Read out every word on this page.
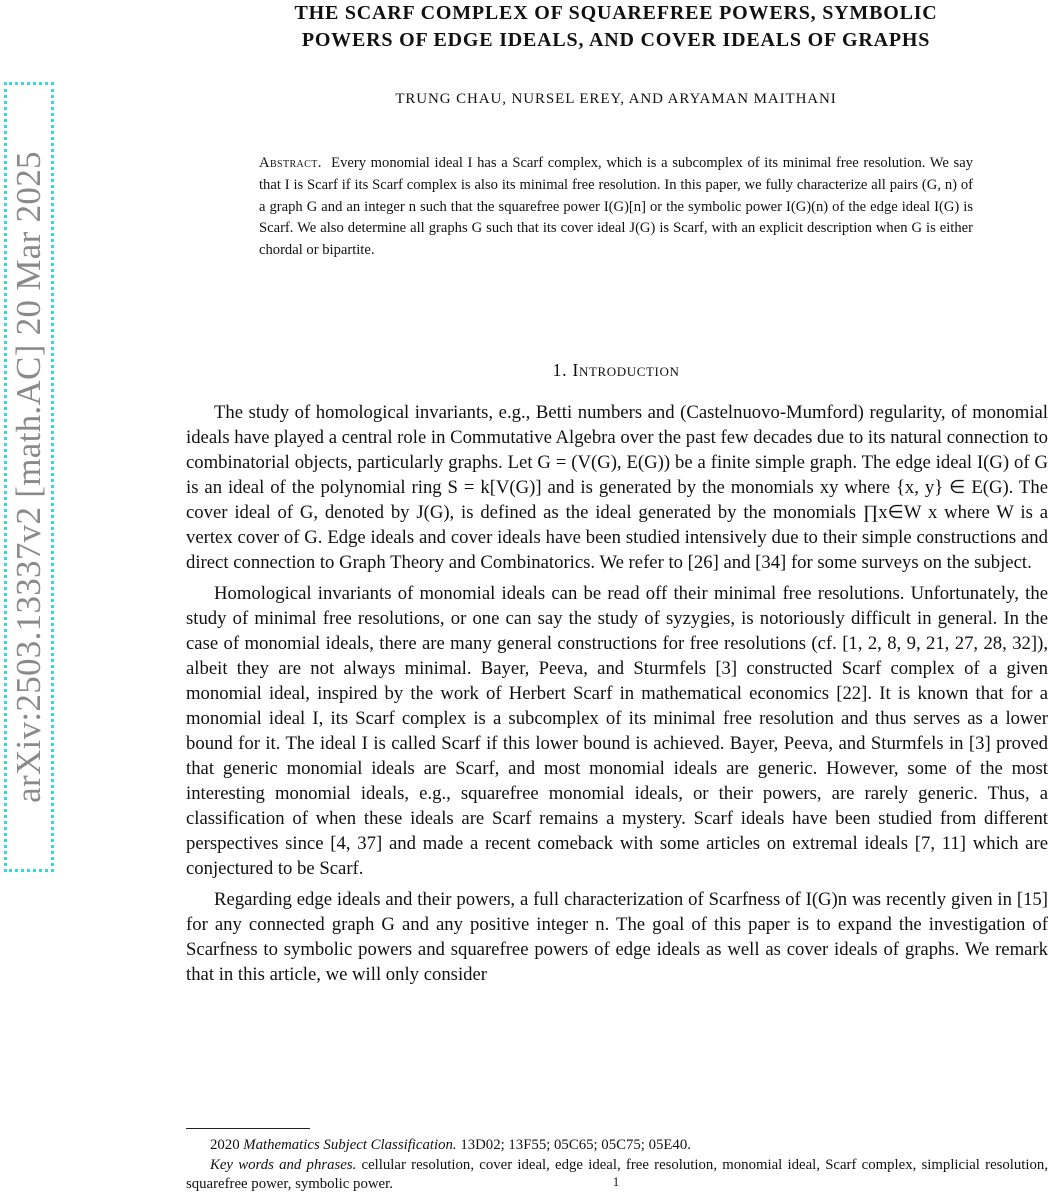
arXiv:2503.13337v2 [math.AC] 20 Mar 2025
THE SCARF COMPLEX OF SQUAREFREE POWERS, SYMBOLIC
POWERS OF EDGE IDEALS, AND COVER IDEALS OF GRAPHS
TRUNG CHAU, NURSEL EREY, AND ARYAMAN MAITHANI
Abstract. Every monomial ideal I has a Scarf complex, which is a subcomplex of its minimal free resolution. We say that I is Scarf if its Scarf complex is also its minimal free resolution. In this paper, we fully characterize all pairs (G, n) of a graph G and an integer n such that the squarefree power I(G)[n] or the symbolic power I(G)(n) of the edge ideal I(G) is Scarf. We also determine all graphs G such that its cover ideal J(G) is Scarf, with an explicit description when G is either chordal or bipartite.
1. Introduction

The study of homological invariants, e.g., Betti numbers and (Castelnuovo-Mumford) regularity, of monomial ideals have played a central role in Commutative Algebra over the past few decades due to its natural connection to combinatorial objects, particularly graphs. Let G = (V(G), E(G)) be a finite simple graph. The edge ideal I(G) of G is an ideal of the polynomial ring S = k[V(G)] and is generated by the monomials xy where {x, y} ∈ E(G). The cover ideal of G, denoted by J(G), is defined as the ideal generated by the monomials ∏x∈W x where W is a vertex cover of G. Edge ideals and cover ideals have been studied intensively due to their simple constructions and direct connection to Graph Theory and Combinatorics. We refer to [26] and [34] for some surveys on the subject.

Homological invariants of monomial ideals can be read off their minimal free resolutions. Unfortunately, the study of minimal free resolutions, or one can say the study of syzygies, is notoriously difficult in general. In the case of monomial ideals, there are many general constructions for free resolutions (cf. [1, 2, 8, 9, 21, 27, 28, 32]), albeit they are not always minimal. Bayer, Peeva, and Sturmfels [3] constructed Scarf complex of a given monomial ideal, inspired by the work of Herbert Scarf in mathematical economics [22]. It is known that for a monomial ideal I, its Scarf complex is a subcomplex of its minimal free resolution and thus serves as a lower bound for it. The ideal I is called Scarf if this lower bound is achieved. Bayer, Peeva, and Sturmfels in [3] proved that generic monomial ideals are Scarf, and most monomial ideals are generic. However, some of the most interesting monomial ideals, e.g., squarefree monomial ideals, or their powers, are rarely generic. Thus, a classification of when these ideals are Scarf remains a mystery. Scarf ideals have been studied from different perspectives since [4, 37] and made a recent comeback with some articles on extremal ideals [7, 11] which are conjectured to be Scarf.

Regarding edge ideals and their powers, a full characterization of Scarfness of I(G)n was recently given in [15] for any connected graph G and any positive integer n. The goal of this paper is to expand the investigation of Scarfness to symbolic powers and squarefree powers of edge ideals as well as cover ideals of graphs. We remark that in this article, we will only consider

2020 Mathematics Subject Classification. 13D02; 13F55; 05C65; 05C75; 05E40.

Key words and phrases. cellular resolution, cover ideal, edge ideal, free resolution, monomial ideal, Scarf complex, simplicial resolution, squarefree power, symbolic power.	1
